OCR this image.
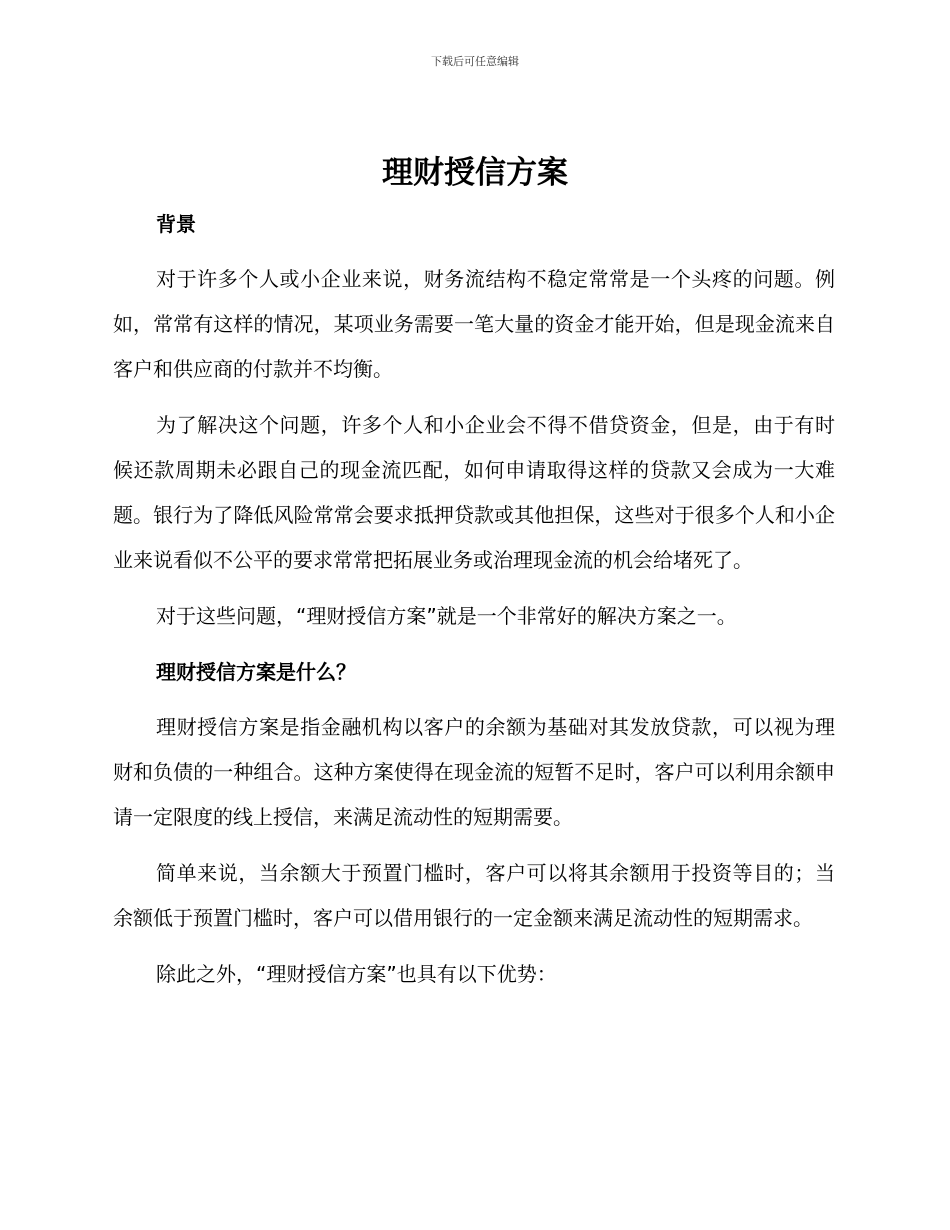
下载后可任意编辑
理财授信方案

背景

对于许多个人或小企业来说，财务流结构不稳定常常是一个头疼的问题。例如，常常有这样的情况，某项业务需要一笔大量的资金才能开始，但是现金流来自客户和供应商的付款并不均衡。

为了解决这个问题，许多个人和小企业会不得不借贷资金，但是，由于有时候还款周期未必跟自己的现金流匹配，如何申请取得这样的贷款又会成为一大难题。银行为了降低风险常常会要求抵押贷款或其他担保，这些对于很多个人和小企业来说看似不公平的要求常常把拓展业务或治理现金流的机会给堵死了。

对于这些问题，“理财授信方案”就是一个非常好的解决方案之一。

理财授信方案是什么？

理财授信方案是指金融机构以客户的余额为基础对其发放贷款，可以视为理财和负债的一种组合。这种方案使得在现金流的短暂不足时，客户可以利用余额申请一定限度的线上授信，来满足流动性的短期需要。

简单来说，当余额大于预置门槛时，客户可以将其余额用于投资等目的；当余额低于预置门槛时，客户可以借用银行的一定金额来满足流动性的短期需求。

除此之外，“理财授信方案”也具有以下优势：
